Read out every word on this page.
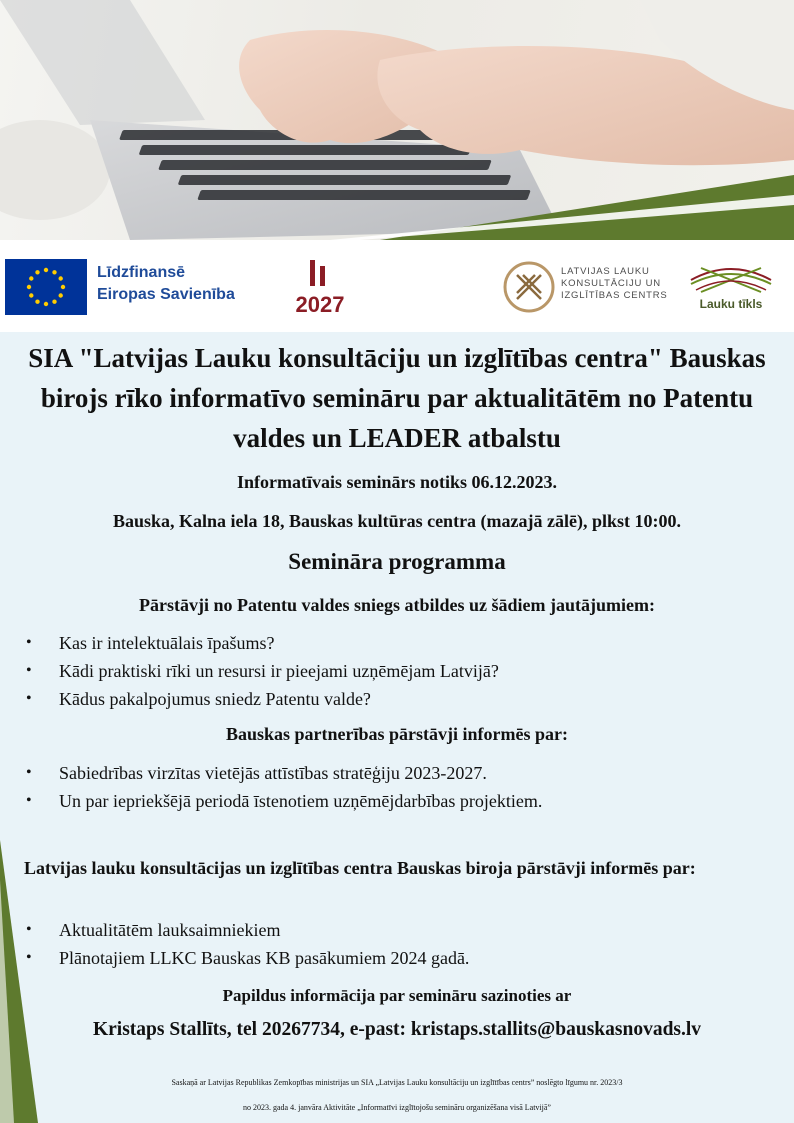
Līdzfinansē
Eiropas Savienība	2027
LATVIJAS LAUKU
KONSULTĀCIJU UN
IZGLĪTĪBAS CENTRS
Lauku tīkls
SIA "Latvijas Lauku konsultāciju un izglītības centra" Bauskas birojs rīko informatīvo semināru par aktualitātēm no Patentu valdes un LEADER atbalstu

Informatīvais seminārs notiks 06.12.2023.

Bauska, Kalna iela 18, Bauskas kultūras centra (mazajā zālē), plkst 10:00.

Semināra programma

Pārstāvji no Patentu valdes sniegs atbildes uz šādiem jautājumiem:

• Kas ir intelektuālais īpašums?
• Kādi praktiski rīki un resursi ir pieejami uzņēmējam Latvijā?
• Kādus pakalpojumus sniedz Patentu valde?

Bauskas partnerības pārstāvji informēs par:

• Sabiedrības virzītas vietējās attīstības stratēģiju 2023-2027.
• Un par iepriekšējā periodā īstenotiem uzņēmējdarbības projektiem.

Latvijas lauku konsultācijas un izglītības centra Bauskas biroja pārstāvji informēs par:

• Aktualitātēm lauksaimniekiem
• Plānotajiem LLKC Bauskas KB pasākumiem 2024 gadā.

Papildus informācija par semināru sazinoties ar

Kristaps Stallīts, tel 20267734, e-past: kristaps.stallits@bauskasnovads.lv

Saskaņā ar Latvijas Republikas Zemkopības ministrijas un SIA „Latvijas Lauku konsultāciju un izglītības centrs” noslēgto līgumu nr. 2023/3

no 2023. gada 4. janvāra Aktivitāte „Informatīvi izglītojošu semināru organizēšana visā Latvijā”
